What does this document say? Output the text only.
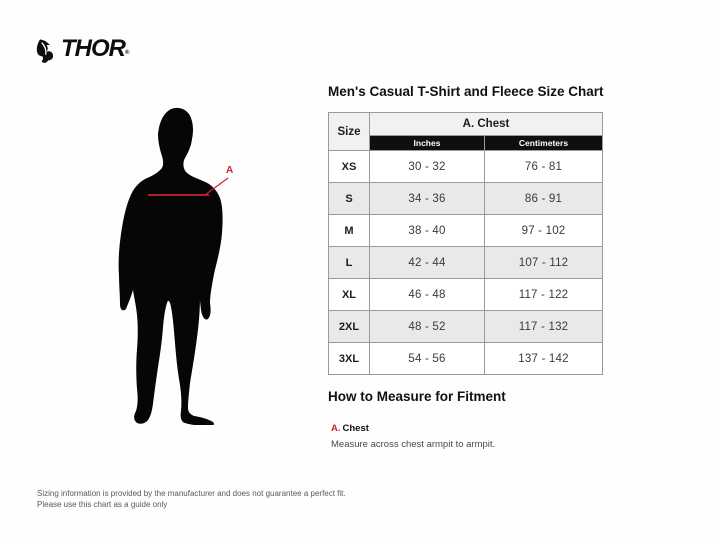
THOR®
A
Men's Casual T-Shirt and Fleece Size Chart
Size	A. Chest	
	Inches	Centimeters
XS	30 - 32	76 - 81
S	34 - 36	86 - 91
M	38 - 40	97 - 102
L	42 - 44	107 - 112
XL	46 - 48	117 - 122
2XL	48 - 52	117 - 132
3XL	54 - 56	137 - 142
How to Measure for Fitment
A. Chest
Measure across chest armpit to armpit.
Sizing information is provided by the manufacturer and does not guarantee a perfect fit.
Please use this chart as a guide only
